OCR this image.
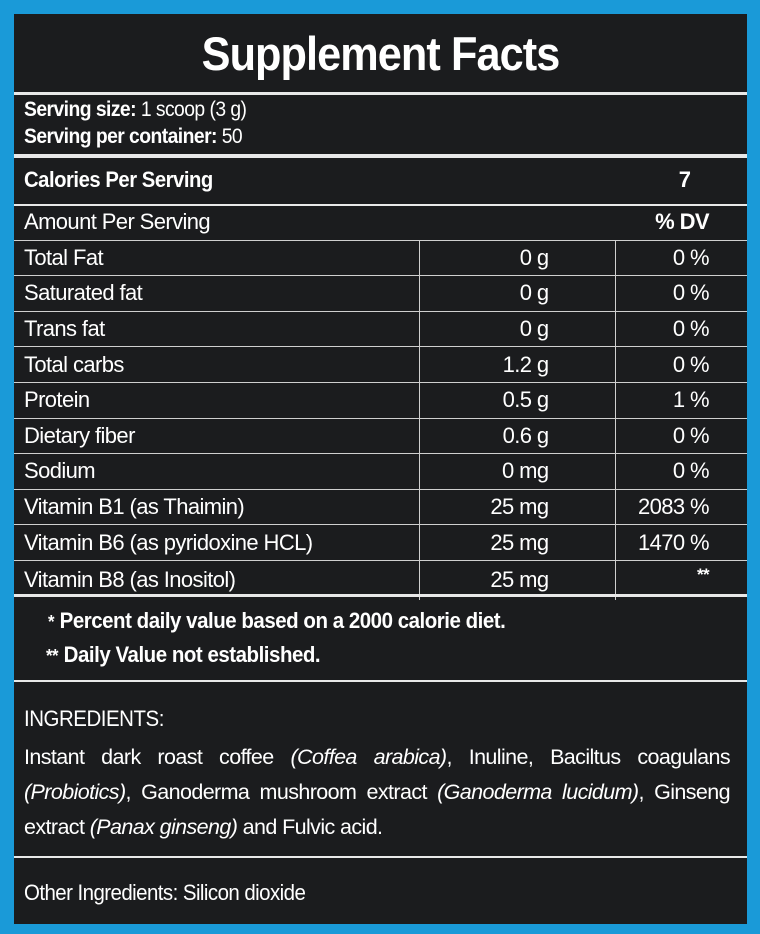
Supplement Facts
Serving size: 1 scoop (3 g)
Serving per container: 50
Calories Per Serving	7
Amount Per Serving		% DV
Total Fat	0 g	0 %
Saturated fat	0 g	0 %
Trans fat	0 g	0 %
Total carbs	1.2 g	0 %
Protein	0.5 g	1 %
Dietary fiber	0.6 g	0 %
Sodium	0 mg	0 %
Vitamin B1 (as Thaimin)	25 mg	2083 %
Vitamin B6 (as pyridoxine HCL)	25 mg	1470 %
Vitamin B8 (as Inositol)	25 mg	**
* Percent daily value based on a 2000 calorie diet.
** Daily Value not established.
INGREDIENTS:
Instant dark roast coffee (Coffea arabica), Inuline, Baciltus coagulans (Probiotics), Ganoderma mushroom extract (Ganoderma lucidum), Ginseng extract (Panax ginseng) and Fulvic acid.
Other Ingredients: Silicon dioxide
